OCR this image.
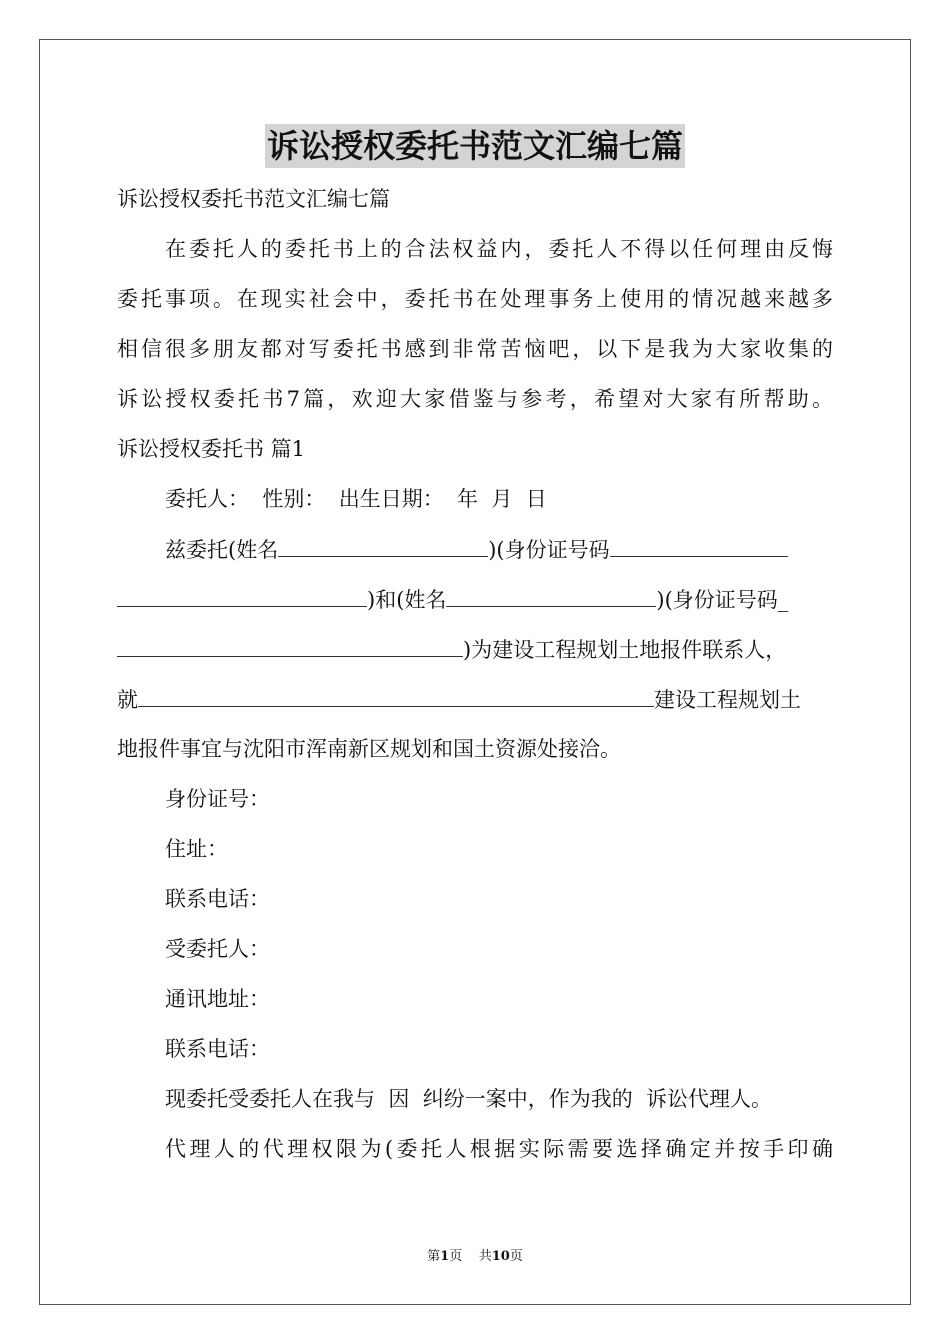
诉讼授权委托书范文汇编七篇
诉讼授权委托书范文汇编七篇
在委托人的委托书上的合法权益内，委托人不得以任何理由反悔
委托事项。在现实社会中，委托书在处理事务上使用的情况越来越多
相信很多朋友都对写委托书感到非常苦恼吧，以下是我为大家收集的
诉讼授权委托书7篇，欢迎大家借鉴与参考，希望对大家有所帮助。
诉讼授权委托书 篇1
委托人：  性别：  出生日期：  年  月  日
兹委托(姓名	)(身份证号码
)和(姓名	)(身份证号码_
)为建设工程规划土地报件联系人，
就	建设工程规划土
地报件事宜与沈阳市浑南新区规划和国土资源处接洽。
身份证号：
住址：
联系电话：
受委托人：
通讯地址：
联系电话：
现委托受委托人在我与  因  纠纷一案中，作为我的  诉讼代理人。
代理人的代理权限为(委托人根据实际需要选择确定并按手印确
第1页    共10页
